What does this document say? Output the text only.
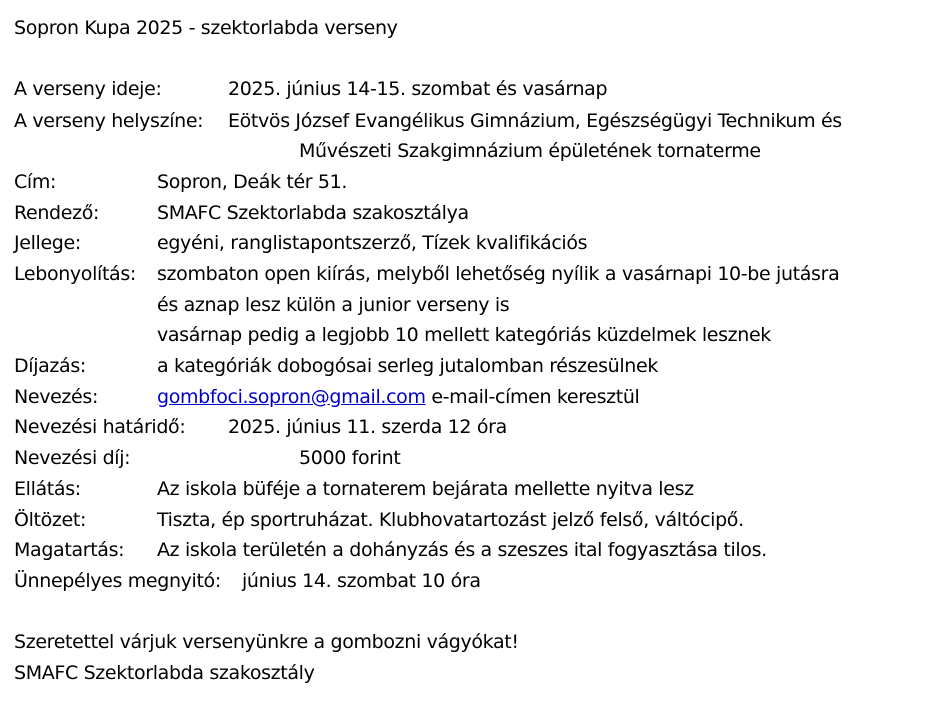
Sopron Kupa 2025 - szektorlabda verseny
A verseny ideje:	2025. június 14-15. szombat és vasárnap
A verseny helyszíne: Eötvös József Evangélikus Gimnázium, Egészségügyi Technikum és
Művészeti Szakgimnázium épületének tornaterme
Cím:	Sopron, Deák tér 51.
Rendező:	SMAFC Szektorlabda szakosztálya
Jellege:	egyéni, ranglistapontszerző, Tízek kvalifikációs
Lebonyolítás: szombaton open kiírás, melyből lehetőség nyílik a vasárnapi 10-be jutásra
és aznap lesz külön a junior verseny is
vasárnap pedig a legjobb 10 mellett kategóriás küzdelmek lesznek
Díjazás:	a kategóriák dobogósai serleg jutalomban részesülnek
Nevezés:	gombfoci.sopron@gmail.com e-mail-címen keresztül
Nevezési határidő: 2025. június 11. szerda 12 óra
Nevezési díj:	5000 forint
Ellátás:	Az iskola büféje a tornaterem bejárata mellette nyitva lesz
Öltözet:	Tiszta, ép sportruházat. Klubhovatartozást jelző felső, váltócipő.
Magatartás: Az iskola területén a dohányzás és a szeszes ital fogyasztása tilos.
Ünnepélyes megnyitó: június 14. szombat 10 óra
Szeretettel várjuk versenyünkre a gombozni vágyókat!
SMAFC Szektorlabda szakosztály
